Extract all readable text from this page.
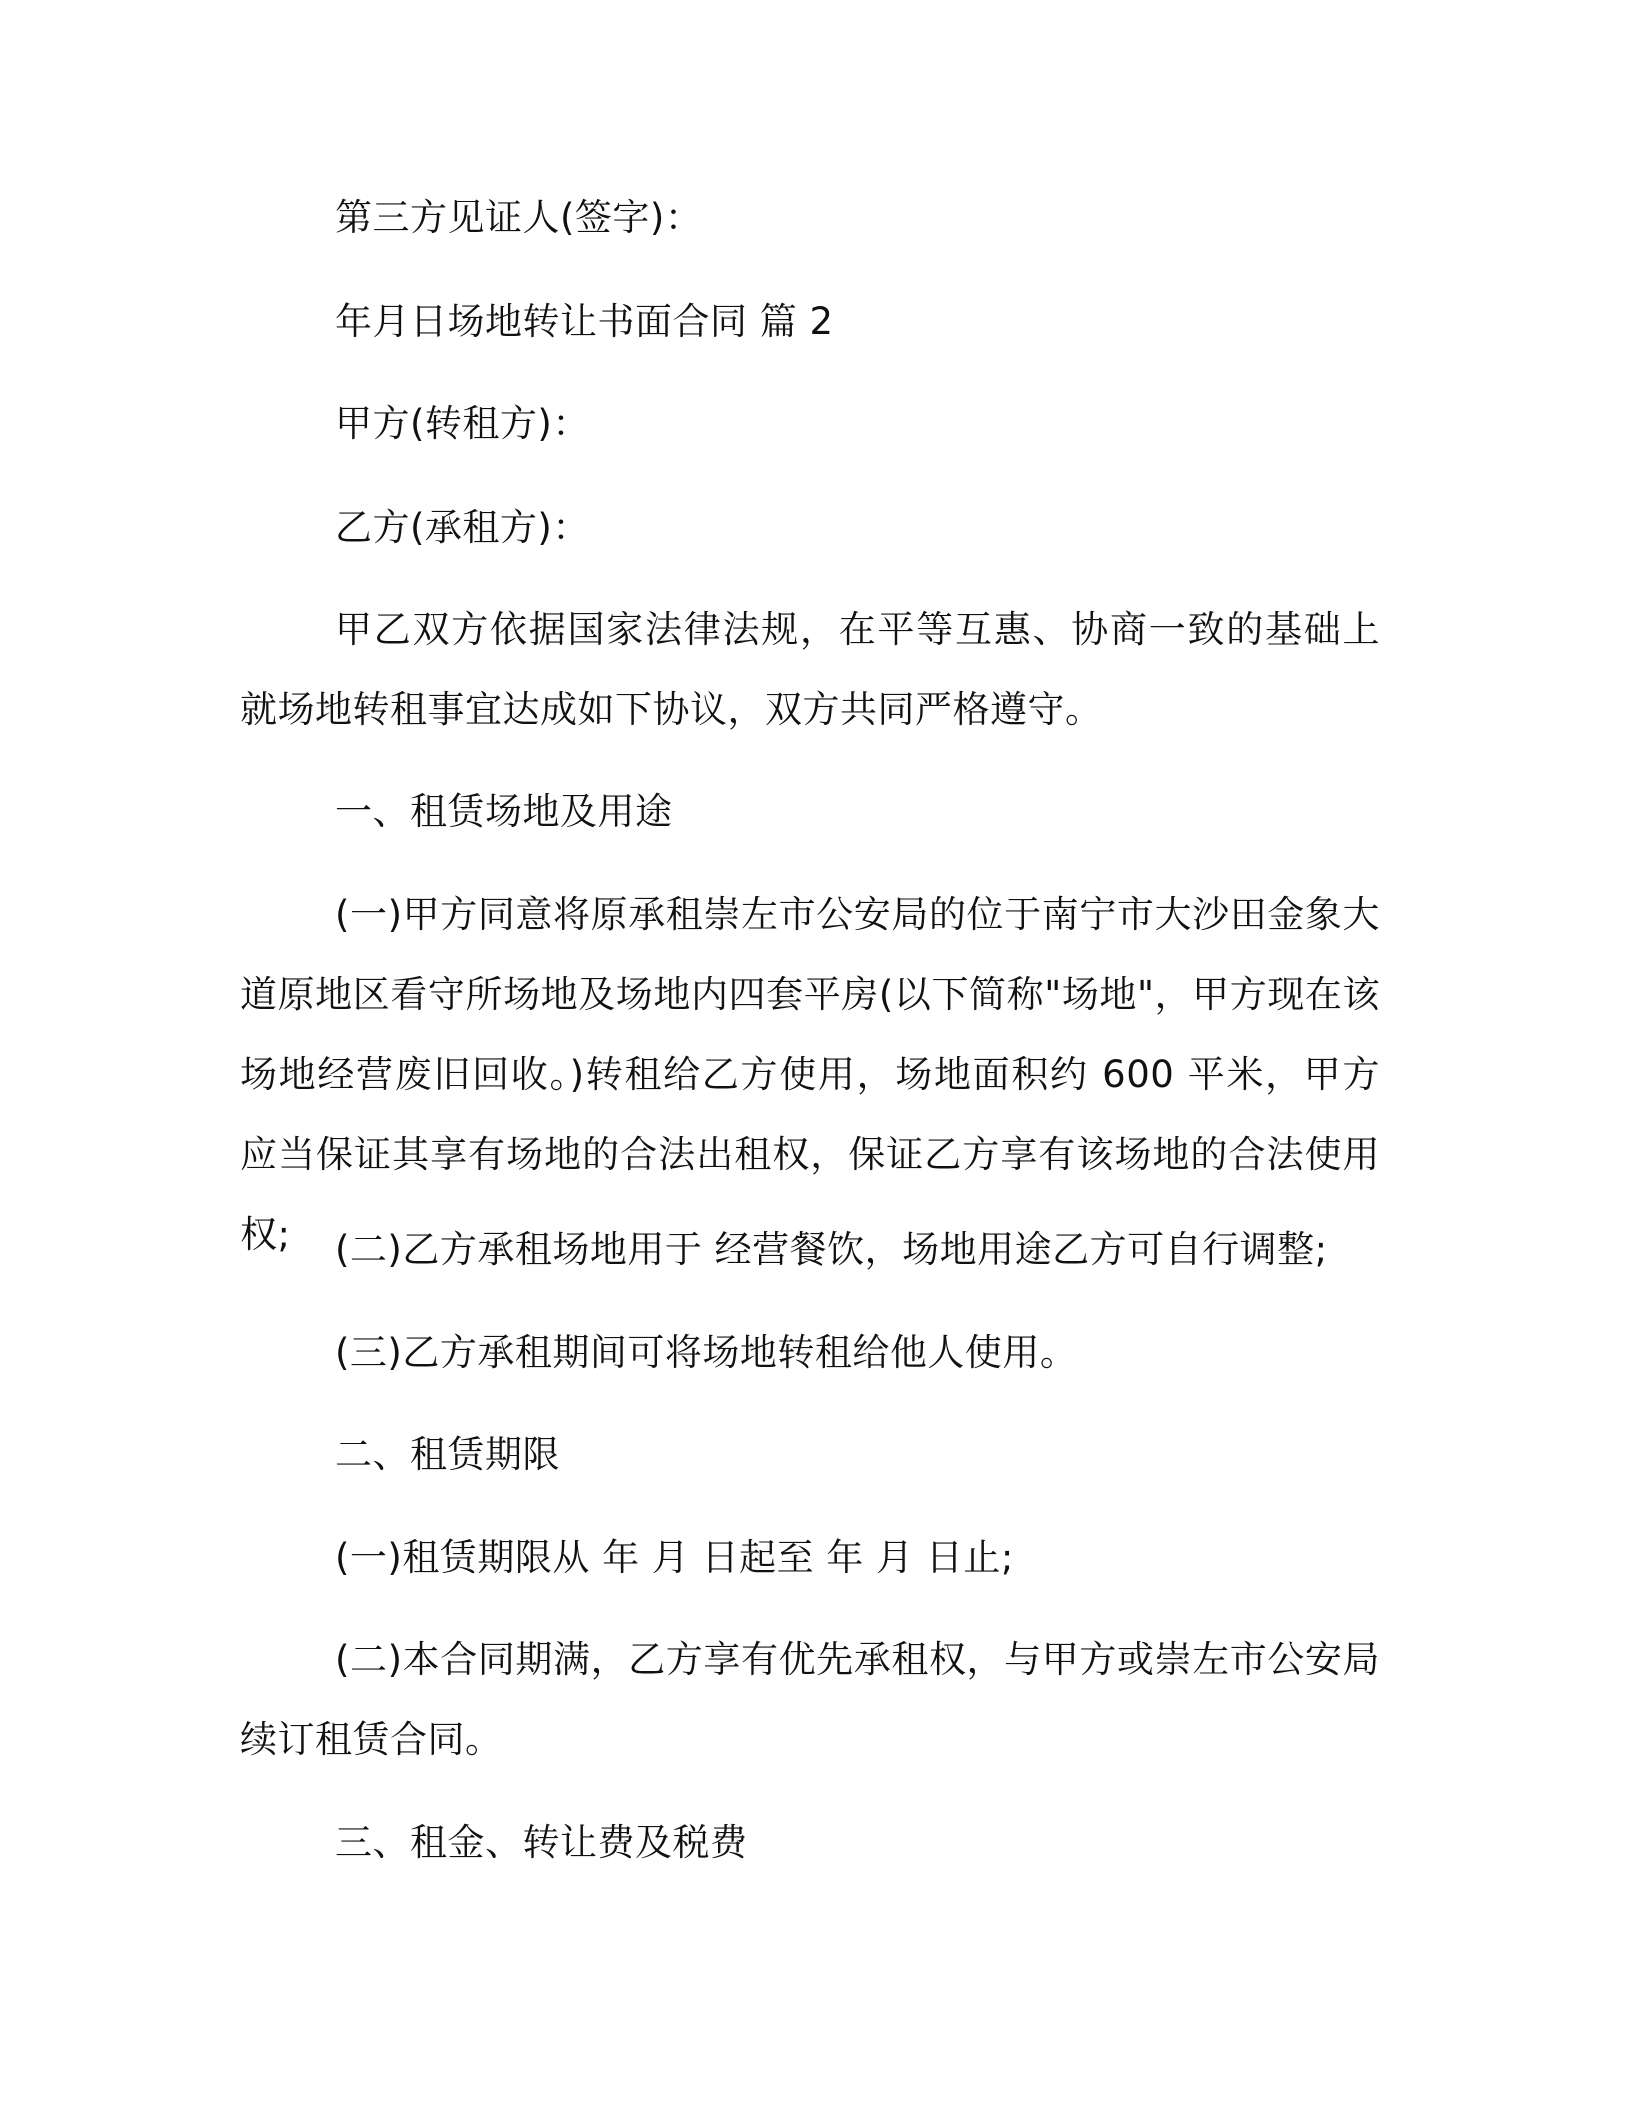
第三方见证人(签字)：
年月日场地转让书面合同 篇 2
甲方(转租方)：
乙方(承租方)：
甲乙双方依据国家法律法规，在平等互惠、协商一致的基础上就场地转租事宜达成如下协议，双方共同严格遵守。
一、租赁场地及用途
(一)甲方同意将原承租崇左市公安局的位于南宁市大沙田金象大道原地区看守所场地及场地内四套平房(以下简称"场地"，甲方现在该场地经营废旧回收。)转租给乙方使用，场地面积约 600 平米，甲方应当保证其享有场地的合法出租权，保证乙方享有该场地的合法使用权;	(二)乙方承租场地用于 经营餐饮，场地用途乙方可自行调整;
(三)乙方承租期间可将场地转租给他人使用。
二、租赁期限
(一)租赁期限从 年 月 日起至 年 月 日止;
(二)本合同期满，乙方享有优先承租权，与甲方或崇左市公安局续订租赁合同。
三、租金、转让费及税费
